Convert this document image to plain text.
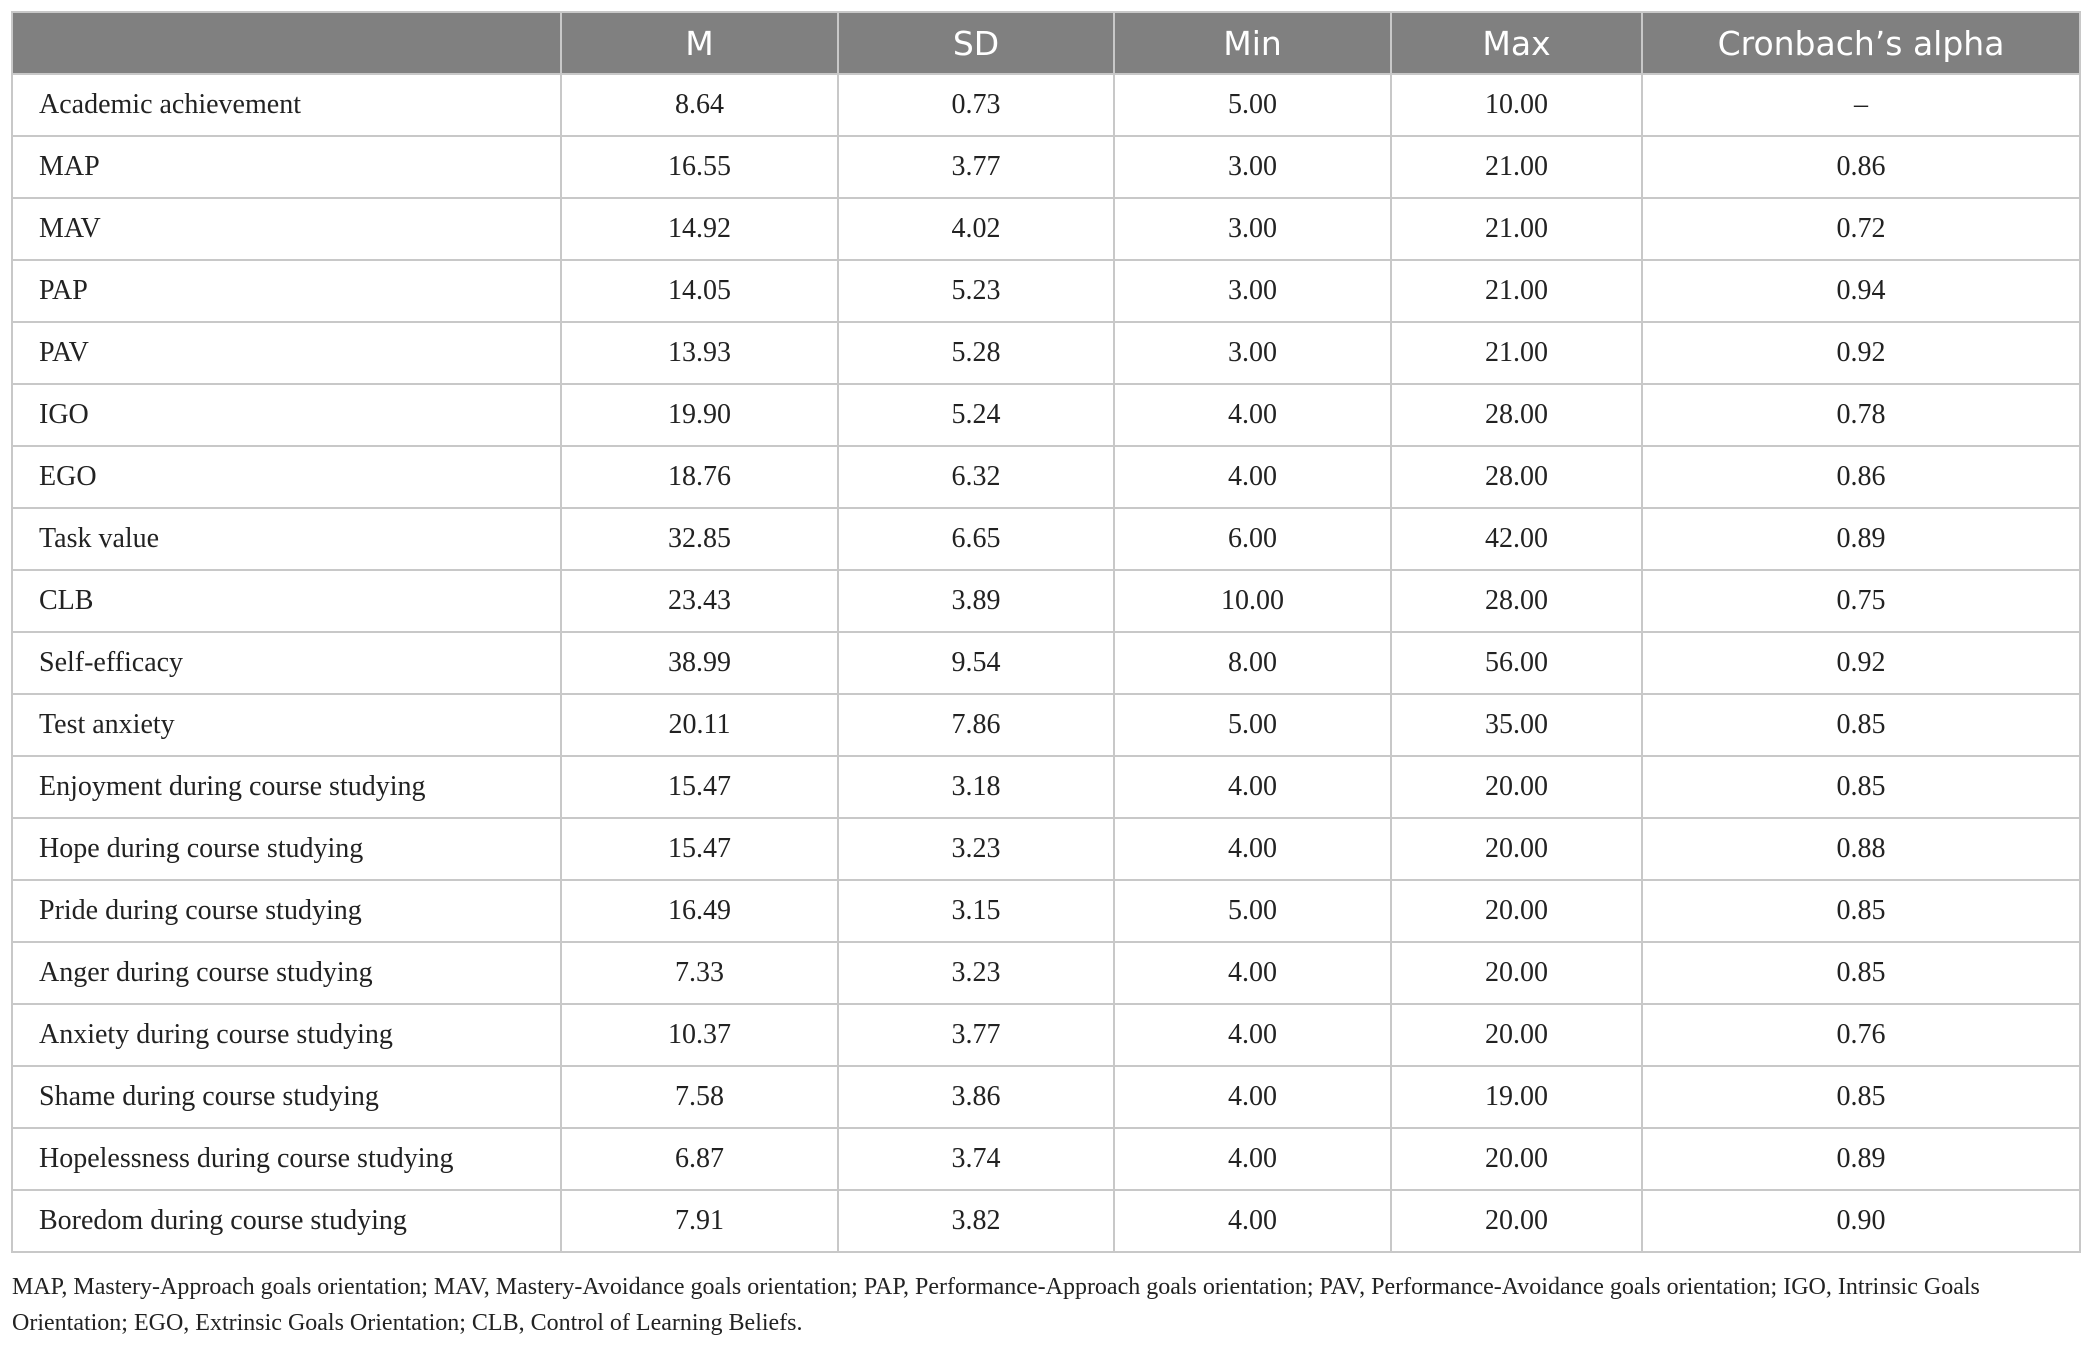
	M	SD	Min	Max	Cronbach’s alpha
Academic achievement	8.64	0.73	5.00	10.00	–
MAP	16.55	3.77	3.00	21.00	0.86
MAV	14.92	4.02	3.00	21.00	0.72
PAP	14.05	5.23	3.00	21.00	0.94
PAV	13.93	5.28	3.00	21.00	0.92
IGO	19.90	5.24	4.00	28.00	0.78
EGO	18.76	6.32	4.00	28.00	0.86
Task value	32.85	6.65	6.00	42.00	0.89
CLB	23.43	3.89	10.00	28.00	0.75
Self-efficacy	38.99	9.54	8.00	56.00	0.92
Test anxiety	20.11	7.86	5.00	35.00	0.85
Enjoyment during course studying	15.47	3.18	4.00	20.00	0.85
Hope during course studying	15.47	3.23	4.00	20.00	0.88
Pride during course studying	16.49	3.15	5.00	20.00	0.85
Anger during course studying	7.33	3.23	4.00	20.00	0.85
Anxiety during course studying	10.37	3.77	4.00	20.00	0.76
Shame during course studying	7.58	3.86	4.00	19.00	0.85
Hopelessness during course studying	6.87	3.74	4.00	20.00	0.89
Boredom during course studying	7.91	3.82	4.00	20.00	0.90
MAP, Mastery-Approach goals orientation; MAV, Mastery-Avoidance goals orientation; PAP, Performance-Approach goals orientation; PAV, Performance-Avoidance goals orientation; IGO, Intrinsic Goals Orientation; EGO, Extrinsic Goals Orientation; CLB, Control of Learning Beliefs.
